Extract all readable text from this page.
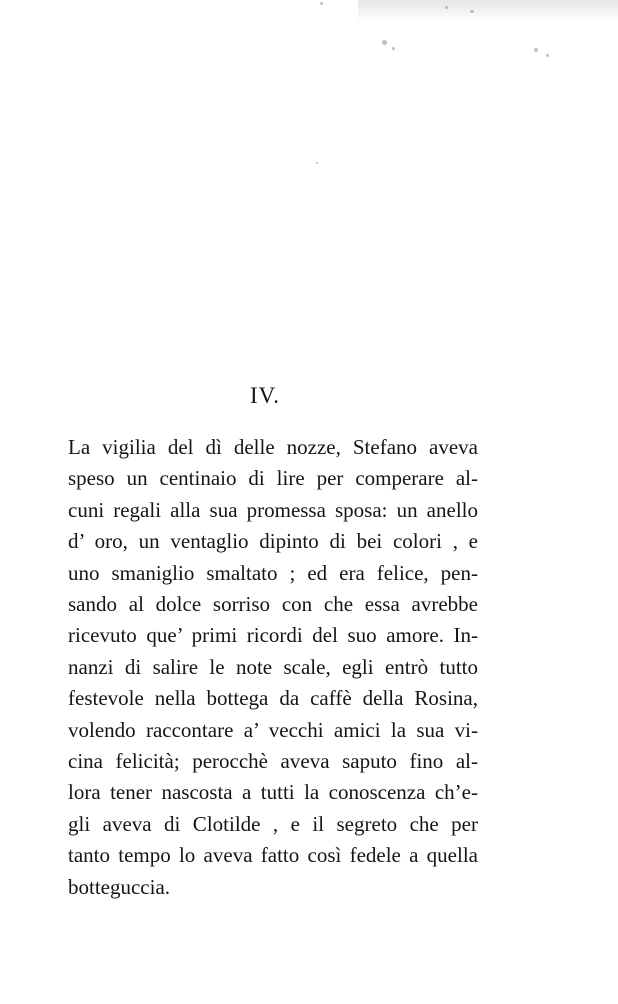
IV.
La vigilia del dì delle nozze, Stefano aveva
speso un centinaio di lire per comperare al-
cuni regali alla sua promessa sposa: un anello
d’ oro, un ventaglio dipinto di bei colori , e
uno smaniglio smaltato ; ed era felice, pen-
sando al dolce sorriso con che essa avrebbe
ricevuto que’ primi ricordi del suo amore. In-
nanzi di salire le note scale, egli entrò tutto
festevole nella bottega da caffè della Rosina,
volendo raccontare a’ vecchi amici la sua vi-
cina felicità; perocchè aveva saputo fino al-
lora tener nascosta a tutti la conoscenza ch’e-
gli aveva di Clotilde , e il segreto che per
tanto tempo lo aveva fatto così fedele a quella
botteguccia.
